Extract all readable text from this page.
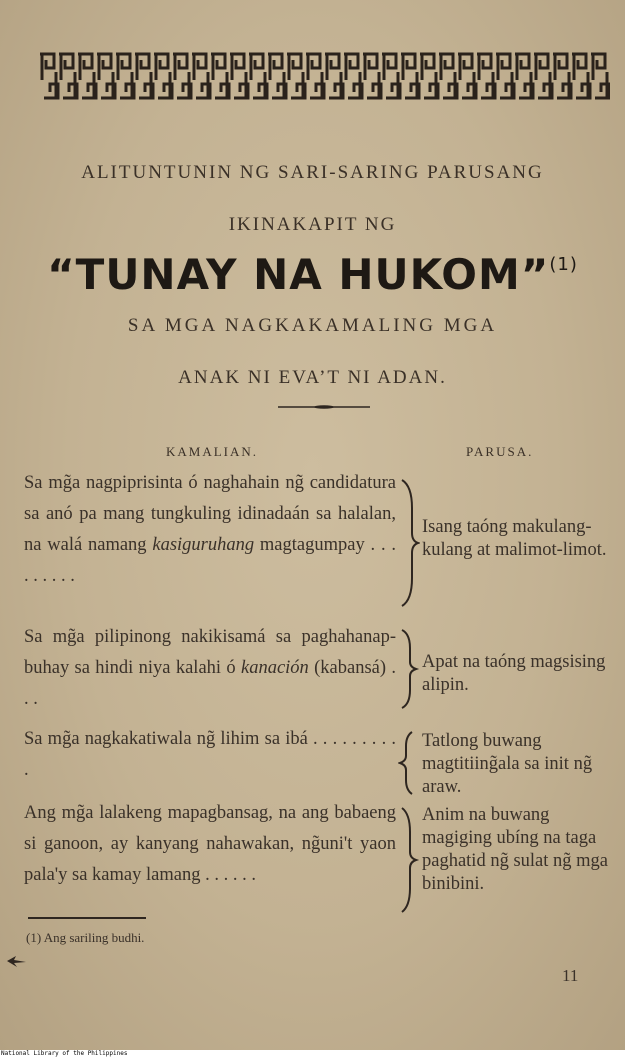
ALITUNTUNIN NG SARI-SARING PARUSANG
IKINAKAPIT NG
“TUNAY NA HUKOM”$^{(1)}$
SA MGA NAGKAKAMALING MGA
ANAK NI EVA’T NI ADAN.
KAMALIAN.	PARUSA.
Sa mg̃a nagpiprisinta ó naghahain ng̃ candidatura sa anó pa mang tungkuling idinadaán sa halalan, na walá namang kasiguruhang magtagumpay . . . . . . . . .
Isang taóng makulang-kulang at malimot-limot.
Sa mg̃a pilipinong nakikisamá sa paghahanap-buhay sa hindi niya kalahi ó kanación (kabansá) . . .
Apat na taóng magsising alipin.
Sa mg̃a nagkakatiwala ng̃ lihim sa ibá . . . . . . . . . .
Tatlong buwang magtitiing̃ala sa init ng̃ araw.
Ang mg̃a lalakeng mapagbansag, na ang babaeng si ganoon, ay kanyang nahawakan, ng̃uni't yaon pala'y sa kamay lamang . . . . . .
Anim na buwang magiging ubíng na taga paghatid ng̃ sulat ng̃ mga binibini.
(1) Ang sariling budhi.
11
National Library of the Philippines
